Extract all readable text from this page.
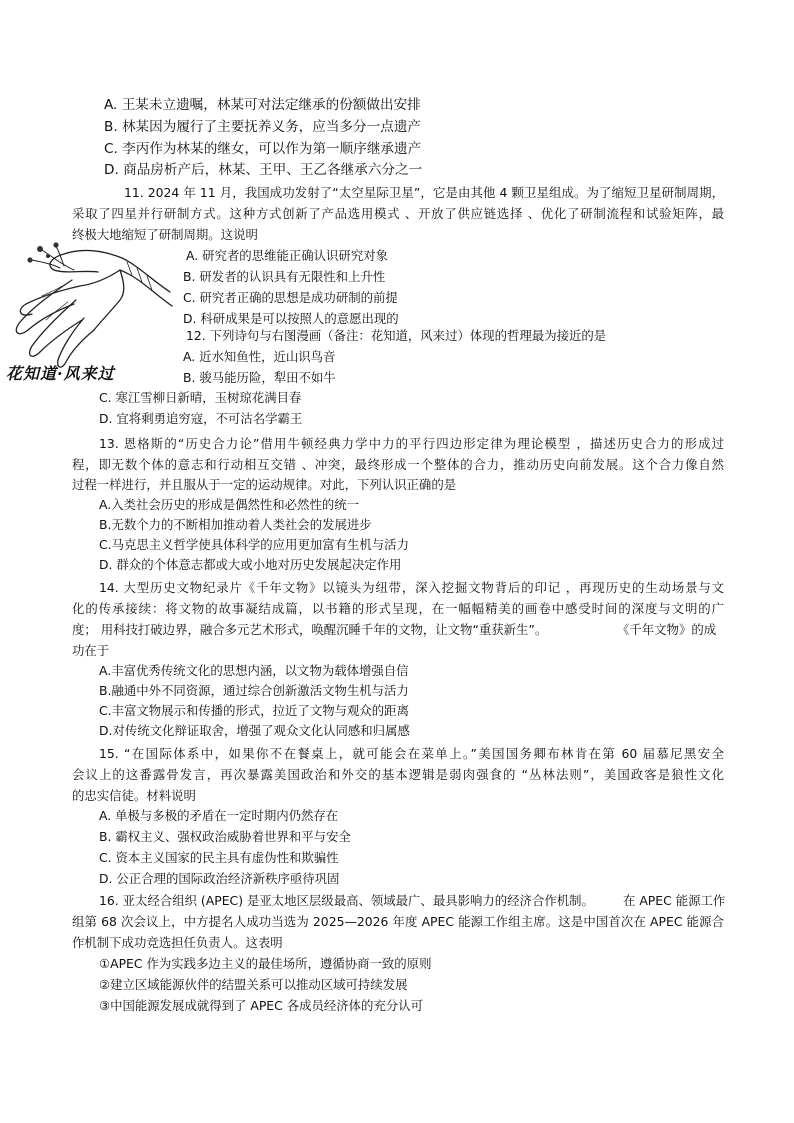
A. 王某未立遗嘱，林某可对法定继承的份额做出安排
B. 林某因为履行了主要抚养义务，应当多分一点遗产
C. 李丙作为林某的继女，可以作为第一顺序继承遗产
D. 商品房析产后，林某、王甲、王乙各继承六分之一
11. 2024 年 11 月，我国成功发射了“太空星际卫星”，它是由其他 4 颗卫星组成。为了缩短卫星研制周期，
采取了四星并行研制方式。这种方式创新了产品选用模式 、开放了供应链选择 、优化了研制流程和试验矩阵，最
终极大地缩短了研制周期。这说明
A. 研究者的思维能正确认识研究对象
B. 研发者的认识具有无限性和上升性
C. 研究者正确的思想是成功研制的前提
D. 科研成果是可以按照人的意愿出现的
花知道·风来过
12. 下列诗句与右图漫画（备注：花知道，风来过）体现的哲理最为接近的是
A. 近水知鱼性，近山识鸟音
B. 骏马能历险，犁田不如牛
C. 寒江雪柳日新晴，玉树琼花满目春
D. 宜将剩勇追穷寇，不可沽名学霸王
13. 恩格斯的“历史合力论”借用牛顿经典力学中力的平行四边形定律为理论模型 ，描述历史合力的形成过
程，即无数个体的意志和行动相互交错 、冲突，最终形成一个整体的合力，推动历史向前发展。这个合力像自然
过程一样进行，并且服从于一定的运动规律。对此，下列认识正确的是
A.入类社会历史的形成是偶然性和必然性的统一
B.无数个力的不断相加推动着人类社会的发展进步
C.马克思主义哲学使具体科学的应用更加富有生机与活力
D. 群众的个体意志都或大或小地对历史发展起决定作用
14. 大型历史文物纪录片《千年文物》以镜头为纽带，深入挖掘文物背后的印记 ，再现历史的生动场景与文
化的传承接续：将文物的故事凝结成篇，以书籍的形式呈现，在一幅幅精美的画卷中感受时间的深度与文明的广
度； 用科技打破边界，融合多元艺术形式，唤醒沉睡千年的文物，让文物“重获新生”。	《千年文物》的成
功在于
A.丰富优秀传统文化的思想内涵，以文物为载体增强自信
B.融通中外不同资源，通过综合创新激活文物生机与活力
C.丰富文物展示和传播的形式，拉近了文物与观众的距离
D.对传统文化辩证取舍，增强了观众文化认同感和归属感
15. “在国际体系中，如果你不在餐桌上，就可能会在菜单上。”美国国务卿布林肯在第 60 届慕尼黑安全
会议上的这番露骨发言，再次暴露美国政治和外交的基本逻辑是弱肉强食的 “丛林法则”，美国政客是狼性文化
的忠实信徒。材料说明
A. 单极与多极的矛盾在一定时期内仍然存在
B. 霸权主义、强权政治威胁着世界和平与安全
C. 资本主义国家的民主具有虚伪性和欺骗性
D. 公正合理的国际政治经济新秩序亟待巩固
16. 亚太经合组织 (APEC) 是亚太地区层级最高、领域最广、最具影响力的经济合作机制。 在 APEC 能源工作
组第 68 次会议上，中方提名人成功当选为 2025—2026 年度 APEC 能源工作组主席。这是中国首次在 APEC 能源合
作机制下成功竞选担任负责人。这表明
①APEC 作为实践多边主义的最佳场所，遵循协商一致的原则
②建立区域能源伙伴的结盟关系可以推动区域可持续发展
③中国能源发展成就得到了 APEC 各成员经济体的充分认可
